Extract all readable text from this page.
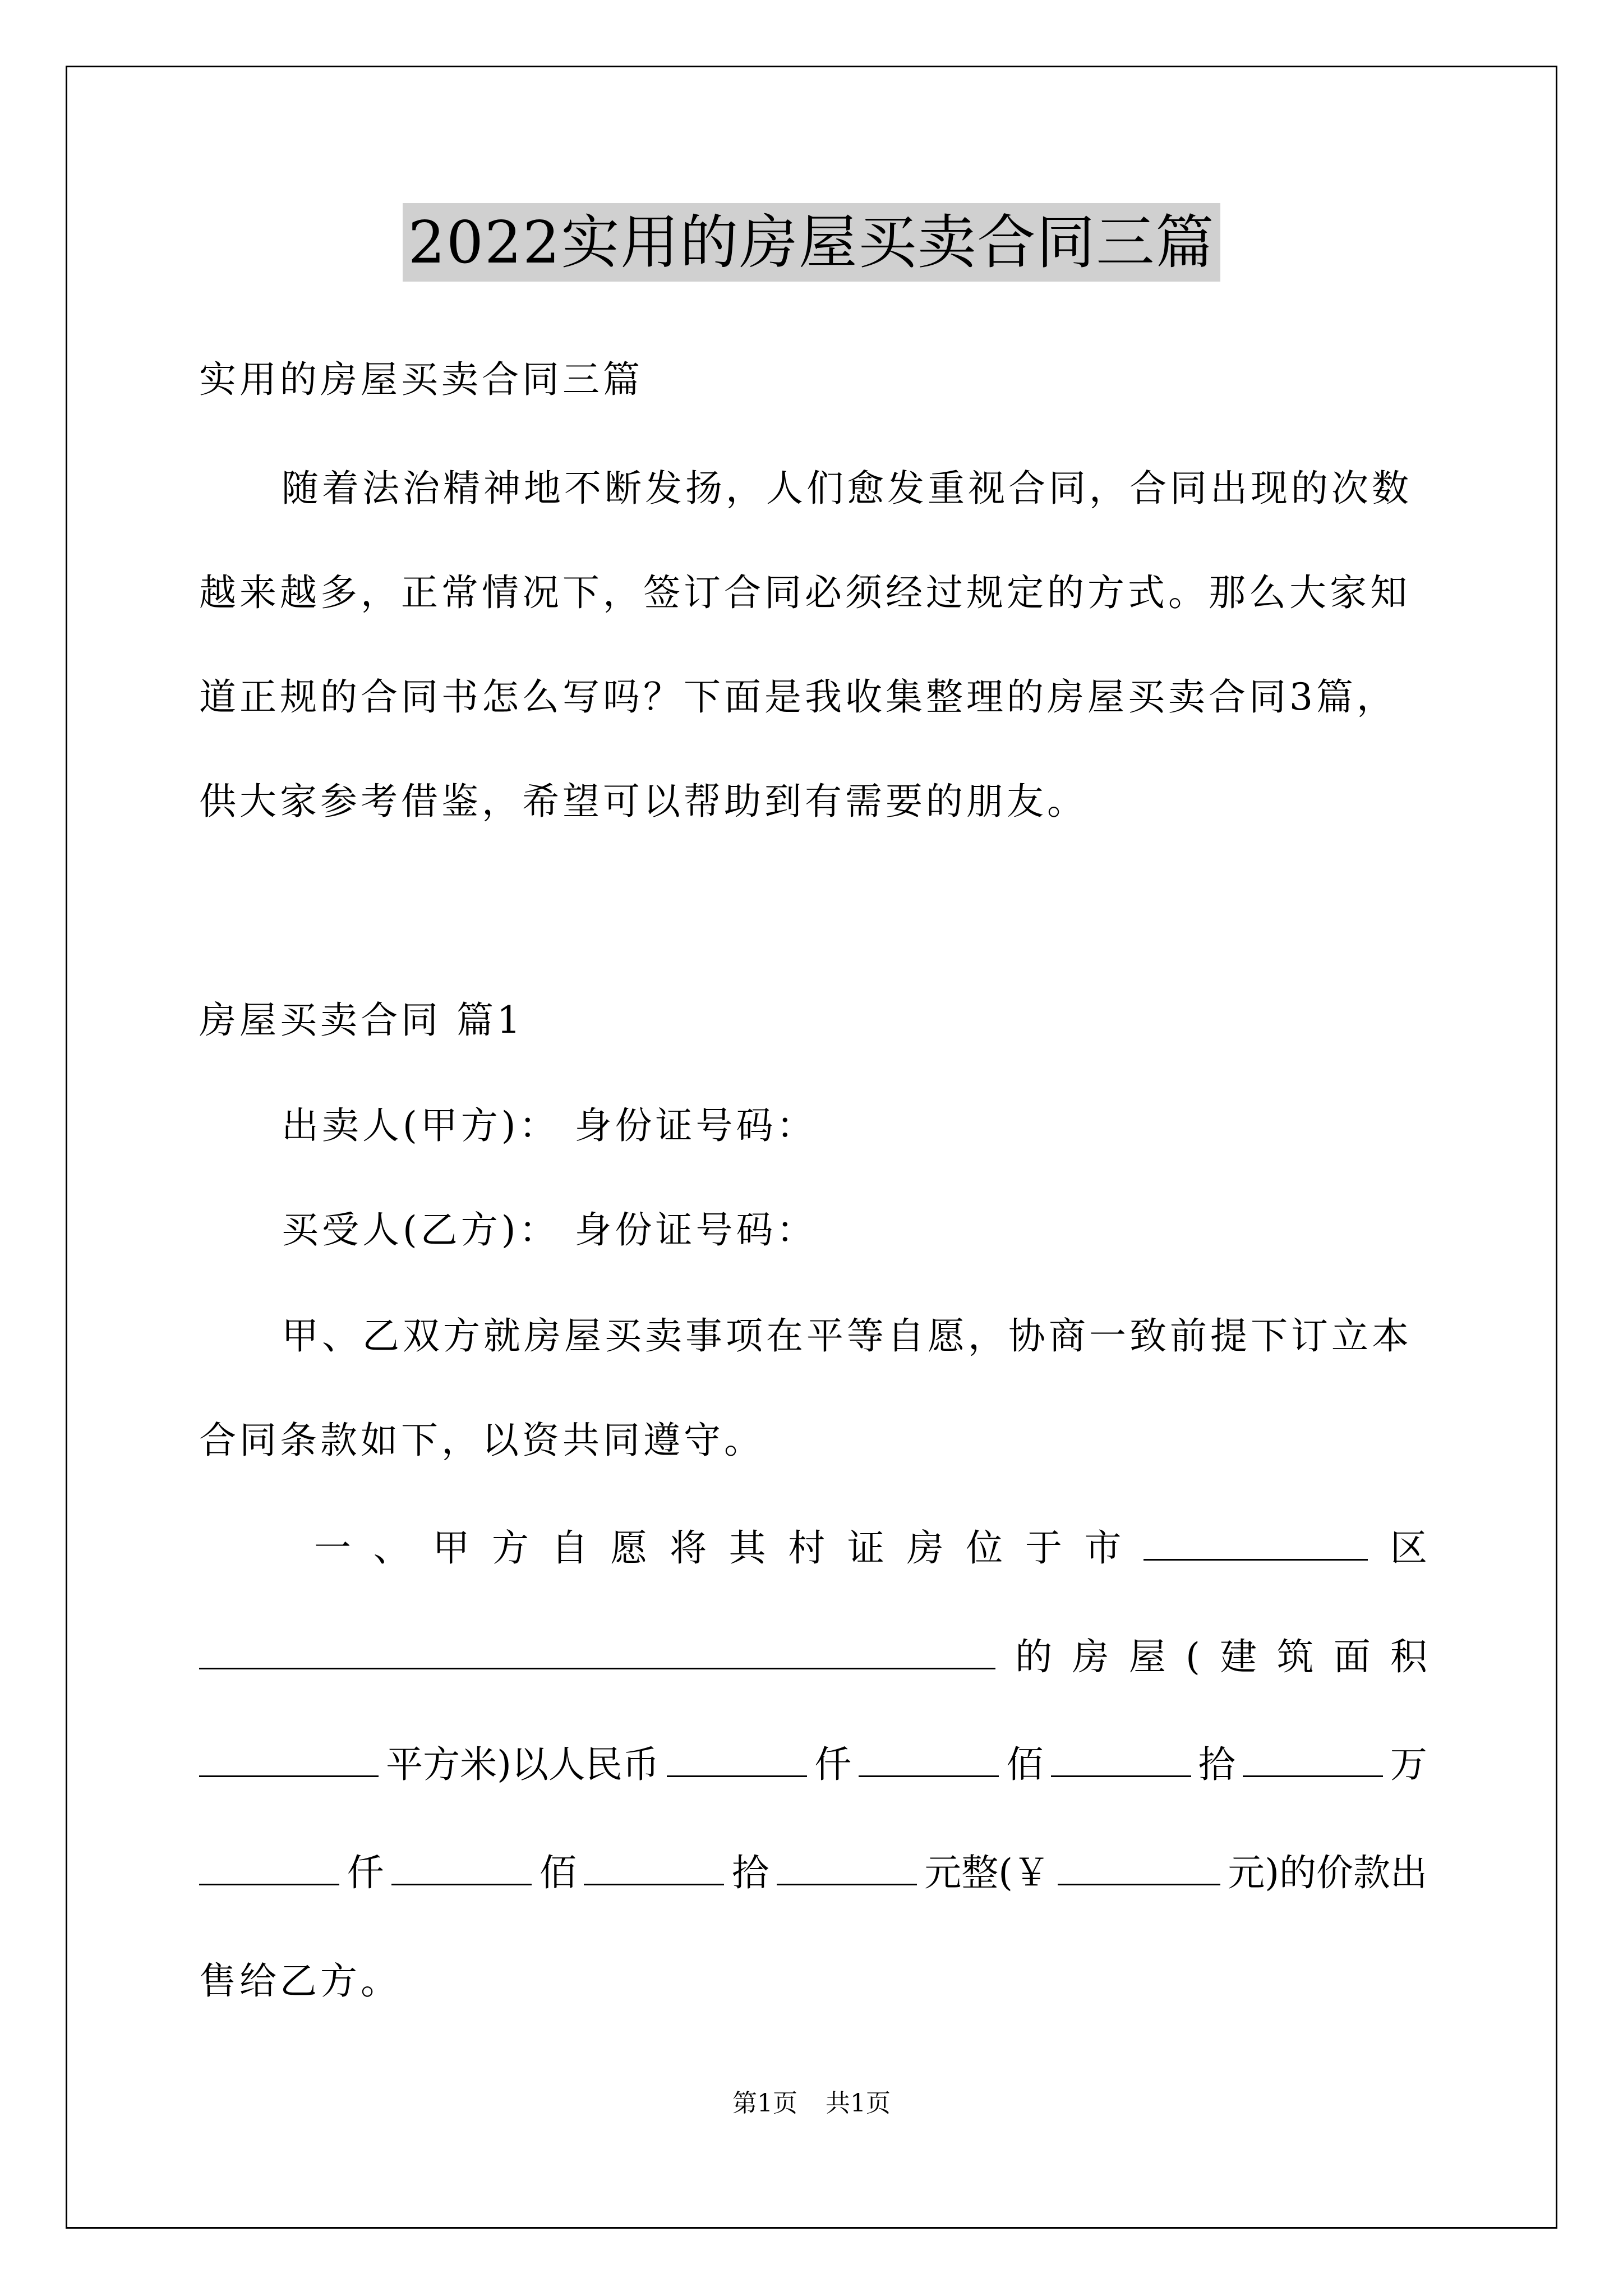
2022实用的房屋买卖合同三篇
实用的房屋买卖合同三篇
随着法治精神地不断发扬，人们愈发重视合同，合同出现的次数
越来越多，正常情况下，签订合同必须经过规定的方式。那么大家知
道正规的合同书怎么写吗？下面是我收集整理的房屋买卖合同3篇，
供大家参考借鉴，希望可以帮助到有需要的朋友。
房屋买卖合同 篇1
出卖人(甲方)： 身份证号码：
买受人(乙方)： 身份证号码：
甲、乙双方就房屋买卖事项在平等自愿，协商一致前提下订立本
合同条款如下，以资共同遵守。
一 、 甲 方 自 愿 将 其 村 证 房 位 于 市	区
的 房 屋 ( 建 筑 面 积
平方米)以人民币	仟	佰	拾	万
仟	佰	拾	元整(￥	元)的价款出
售给乙方。
第1页 共1页
